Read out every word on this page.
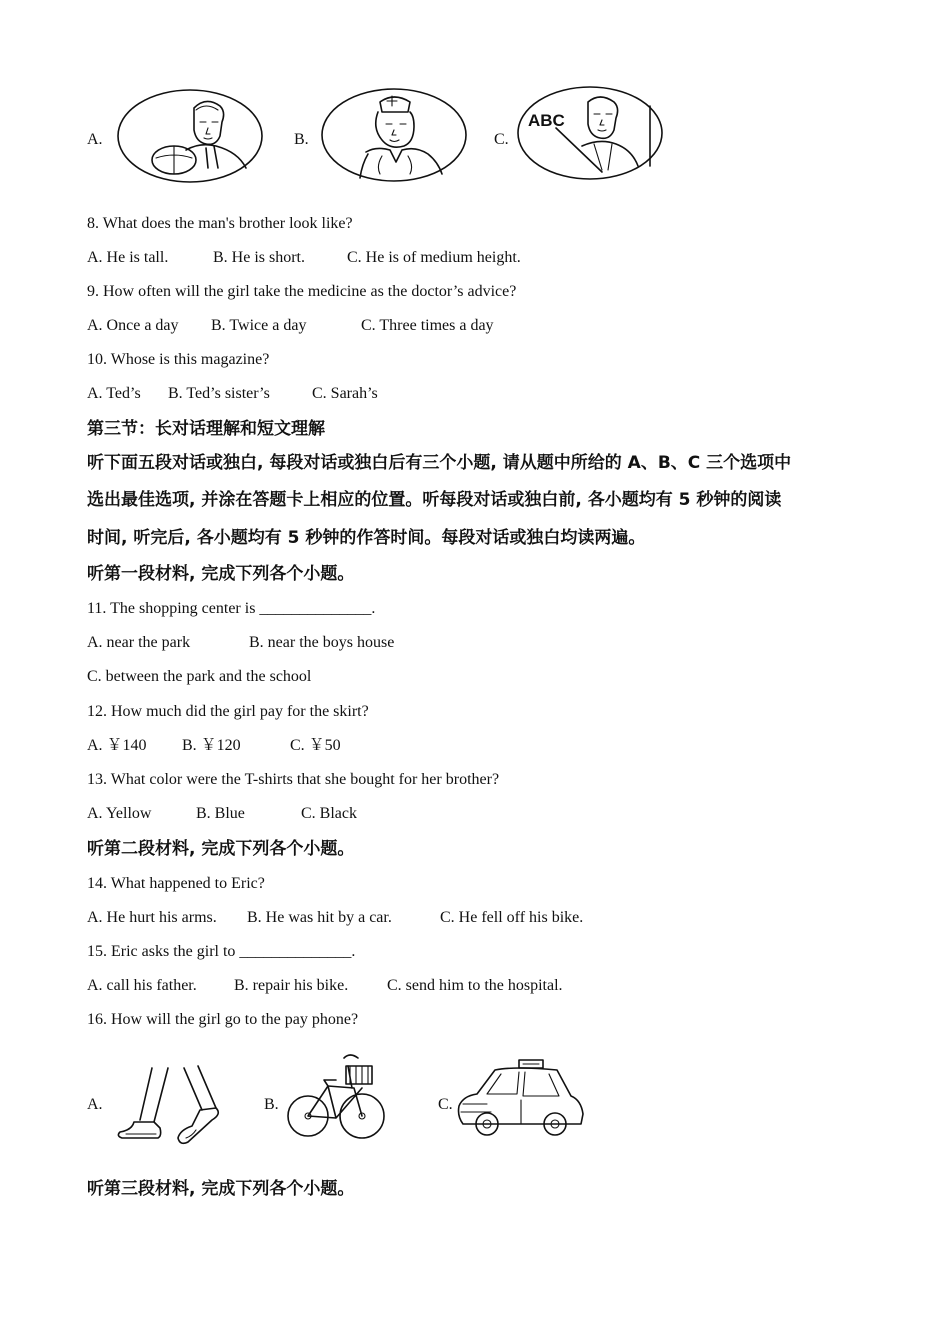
A.	B.	C.
ABC
8. What does the man's brother look like?
A. He is tall.	B. He is short.	C. He is of medium height.
9. How often will the girl take the medicine as the doctor’s advice?
A. Once a day B. Twice a day	C. Three times a day
10. Whose is this magazine?
A. Ted’s B. Ted’s sister’s	C. Sarah’s
第三节：长对话理解和短文理解
听下面五段对话或独白, 每段对话或独白后有三个小题, 请从题中所给的 A、B、C 三个选项中
选出最佳选项, 并涂在答题卡上相应的位置。听每段对话或独白前, 各小题均有 5 秒钟的阅读
时间, 听完后, 各小题均有 5 秒钟的作答时间。每段对话或独白均读两遍。
听第一段材料, 完成下列各个小题。
11. The shopping center is ______________.
A. near the park	B. near the boys house
C. between the park and the school
12. How much did the girl pay for the skirt?
A. ￥140 B. ￥120	C. ￥50
13. What color were the T-shirts that she bought for her brother?
A. Yellow	B. Blue	C. Black
听第二段材料, 完成下列各个小题。
14. What happened to Eric?
A. He hurt his arms. B. He was hit by a car.	C. He fell off his bike.
15. Eric asks the girl to ______________.
A. call his father. B. repair his bike. C. send him to the hospital.
16. How will the girl go to the pay phone?
A.	B.	C.
听第三段材料, 完成下列各个小题。
